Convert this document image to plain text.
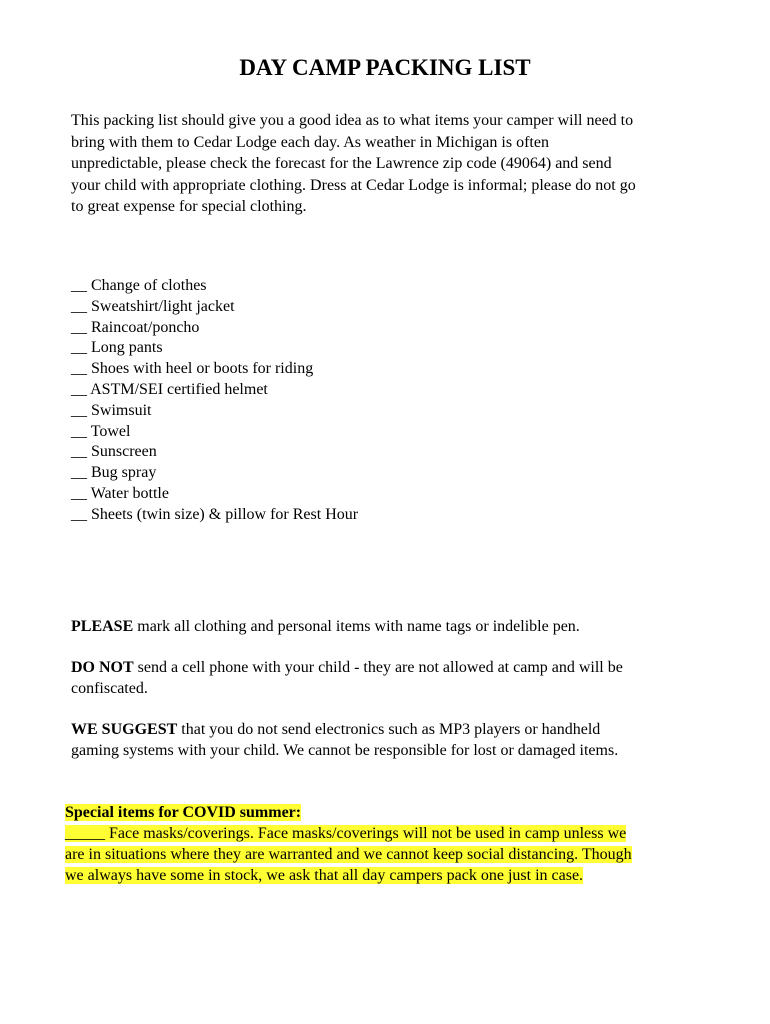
DAY CAMP PACKING LIST

This packing list should give you a good idea as to what items your camper will need to
bring with them to Cedar Lodge each day. As weather in Michigan is often
unpredictable, please check the forecast for the Lawrence zip code (49064) and send
your child with appropriate clothing. Dress at Cedar Lodge is informal; please do not go
to great expense for special clothing.

__ Change of clothes
__ Sweatshirt/light jacket
__ Raincoat/poncho
__ Long pants
__ Shoes with heel or boots for riding
__ ASTM/SEI certified helmet
__ Swimsuit
__ Towel
__ Sunscreen
__ Bug spray
__ Water bottle
__ Sheets (twin size) & pillow for Rest Hour

PLEASE mark all clothing and personal items with name tags or indelible pen.

DO NOT send a cell phone with your child - they are not allowed at camp and will be
confiscated.

WE SUGGEST that you do not send electronics such as MP3 players or handheld
gaming systems with your child. We cannot be responsible for lost or damaged items.

Special items for COVID summer:
_____ Face masks/coverings. Face masks/coverings will not be used in camp unless we
are in situations where they are warranted and we cannot keep social distancing. Though
we always have some in stock, we ask that all day campers pack one just in case.
